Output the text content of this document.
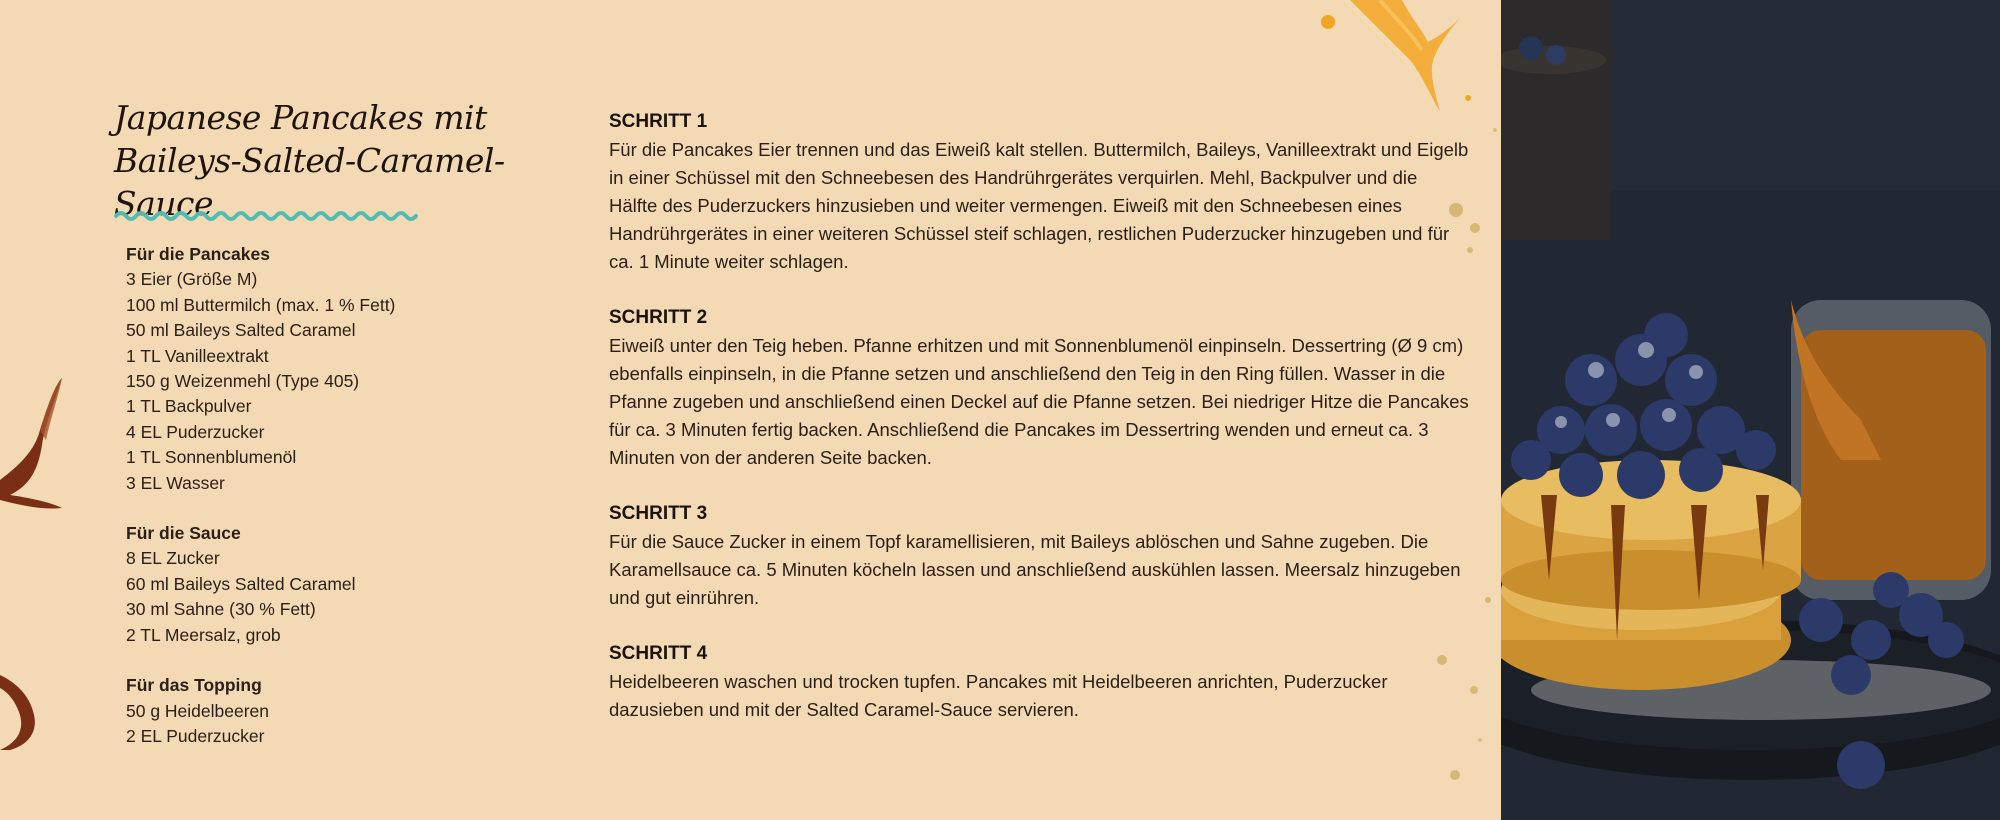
Japanese Pancakes mit
Baileys-Salted-Caramel-Sauce
Für die Pancakes
3 Eier (Größe M)
100 ml Buttermilch (max. 1 % Fett)
50 ml Baileys Salted Caramel
1 TL Vanilleextrakt
150 g Weizenmehl (Type 405)
1 TL Backpulver
4 EL Puderzucker
1 TL Sonnenblumenöl
3 EL Wasser
Für die Sauce
8 EL Zucker
60 ml Baileys Salted Caramel
30 ml Sahne (30 % Fett)
2 TL Meersalz, grob
Für das Topping
50 g Heidelbeeren
2 EL Puderzucker
SCHRITT 1
Für die Pancakes Eier trennen und das Eiweiß kalt stellen. Buttermilch, Baileys, Vanilleextrakt und Eigelb in einer Schüssel mit den Schneebesen des Handrührgerätes verquirlen. Mehl, Backpulver und die Hälfte des Puderzuckers hinzusieben und weiter vermengen. Eiweiß mit den Schneebesen eines Handrührgerätes in einer weiteren Schüssel steif schlagen, restlichen Puderzucker hinzugeben und für ca. 1 Minute weiter schlagen.
SCHRITT 2
Eiweiß unter den Teig heben. Pfanne erhitzen und mit Sonnenblumenöl einpinseln. Dessertring (Ø 9 cm) ebenfalls einpinseln, in die Pfanne setzen und anschließend den Teig in den Ring füllen. Wasser in die Pfanne zugeben und anschließend einen Deckel auf die Pfanne setzen. Bei niedriger Hitze die Pancakes für ca. 3 Minuten fertig backen. Anschließend die Pancakes im Dessertring wenden und erneut ca. 3 Minuten von der anderen Seite backen.
SCHRITT 3
Für die Sauce Zucker in einem Topf karamellisieren, mit Baileys ablöschen und Sahne zugeben. Die Karamellsauce ca. 5 Minuten köcheln lassen und anschließend auskühlen lassen. Meersalz hinzugeben und gut einrühren.
SCHRITT 4
Heidelbeeren waschen und trocken tupfen. Pancakes mit Heidelbeeren anrichten, Puderzucker dazusieben und mit der Salted Caramel-Sauce servieren.
